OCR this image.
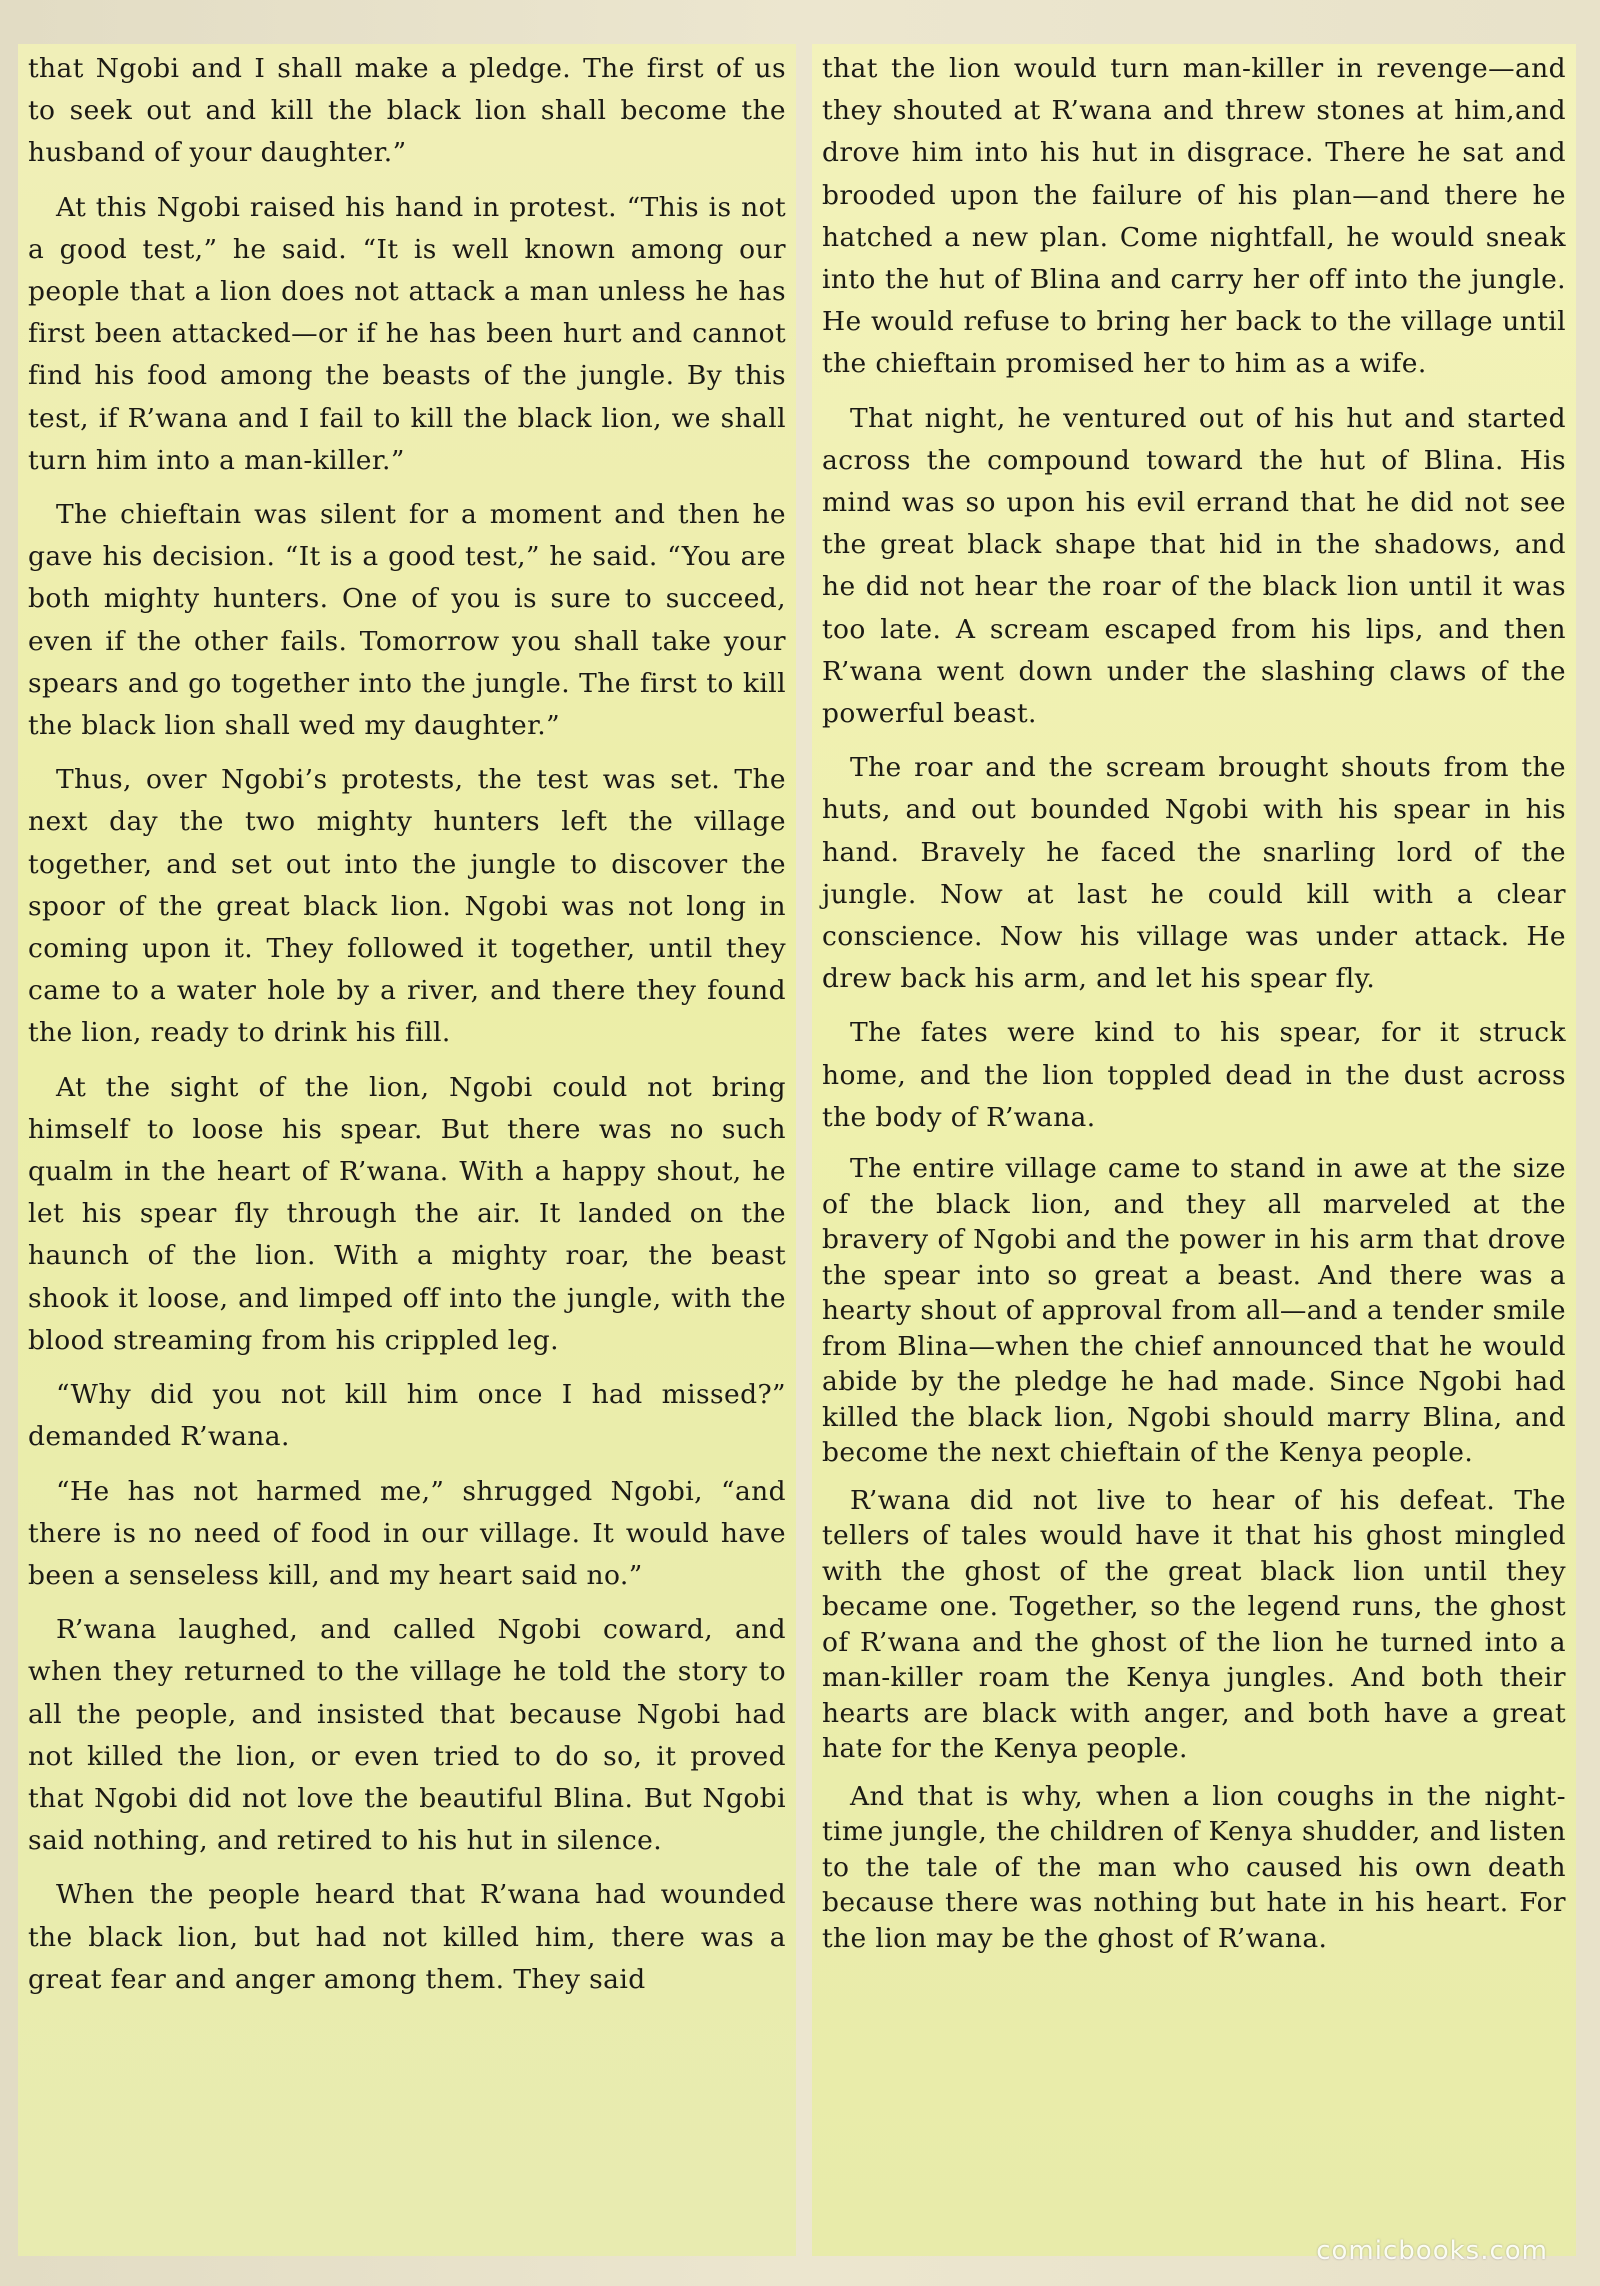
that Ngobi and I shall make a pledge. The first of us to seek out and kill the black lion shall become the husband of your daughter.”

At this Ngobi raised his hand in protest. “This is not a good test,” he said. “It is well known among our people that a lion does not attack a man unless he has first been attacked—or if he has been hurt and cannot find his food among the beasts of the jungle. By this test, if R’wana and I fail to kill the black lion, we shall turn him into a man-killer.”

The chieftain was silent for a moment and then he gave his decision. “It is a good test,” he said. “You are both mighty hunters. One of you is sure to succeed, even if the other fails. Tomorrow you shall take your spears and go together into the jungle. The first to kill the black lion shall wed my daughter.”

Thus, over Ngobi’s protests, the test was set. The next day the two mighty hunters left the village together, and set out into the jungle to discover the spoor of the great black lion. Ngobi was not long in coming upon it. They followed it together, until they came to a water hole by a river, and there they found the lion, ready to drink his fill.

At the sight of the lion, Ngobi could not bring himself to loose his spear. But there was no such qualm in the heart of R’wana. With a happy shout, he let his spear fly through the air. It landed on the haunch of the lion. With a mighty roar, the beast shook it loose, and limped off into the jungle, with the blood streaming from his crippled leg.

“Why did you not kill him once I had missed?” demanded R’wana.

“He has not harmed me,” shrugged Ngobi, “and there is no need of food in our village. It would have been a senseless kill, and my heart said no.”

R’wana laughed, and called Ngobi coward, and when they returned to the village he told the story to all the people, and insisted that because Ngobi had not killed the lion, or even tried to do so, it proved that Ngobi did not love the beautiful Blina. But Ngobi said nothing, and retired to his hut in silence.

When the people heard that R’wana had wounded the black lion, but had not killed him, there was a great fear and anger among them. They said

that the lion would turn man-killer in revenge—and they shouted at R’wana and threw stones at him,and drove him into his hut in disgrace. There he sat and brooded upon the failure of his plan—and there he hatched a new plan. Come nightfall, he would sneak into the hut of Blina and carry her off into the jungle. He would refuse to bring her back to the village until the chieftain promised her to him as a wife.

That night, he ventured out of his hut and started across the compound toward the hut of Blina. His mind was so upon his evil errand that he did not see the great black shape that hid in the shadows, and he did not hear the roar of the black lion until it was too late. A scream escaped from his lips, and then R’wana went down under the slashing claws of the powerful beast.

The roar and the scream brought shouts from the huts, and out bounded Ngobi with his spear in his hand. Bravely he faced the snarling lord of the jungle. Now at last he could kill with a clear conscience. Now his village was under attack. He drew back his arm, and let his spear fly.

The fates were kind to his spear, for it struck home, and the lion toppled dead in the dust across the body of R’wana.

The entire village came to stand in awe at the size of the black lion, and they all marveled at the bravery of Ngobi and the power in his arm that drove the spear into so great a beast. And there was a hearty shout of approval from all—and a tender smile from Blina—when the chief announced that he would abide by the pledge he had made. Since Ngobi had killed the black lion, Ngobi should marry Blina, and become the next chieftain of the Kenya people.

R’wana did not live to hear of his defeat. The tellers of tales would have it that his ghost mingled with the ghost of the great black lion until they became one. Together, so the legend runs, the ghost of R’wana and the ghost of the lion he turned into a man-killer roam the Kenya jungles. And both their hearts are black with anger, and both have a great hate for the Kenya people.

And that is why, when a lion coughs in the night-time jungle, the children of Kenya shudder, and listen to the tale of the man who caused his own death because there was nothing but hate in his heart. For the lion may be the ghost of R’wana.

comicbooks.com
